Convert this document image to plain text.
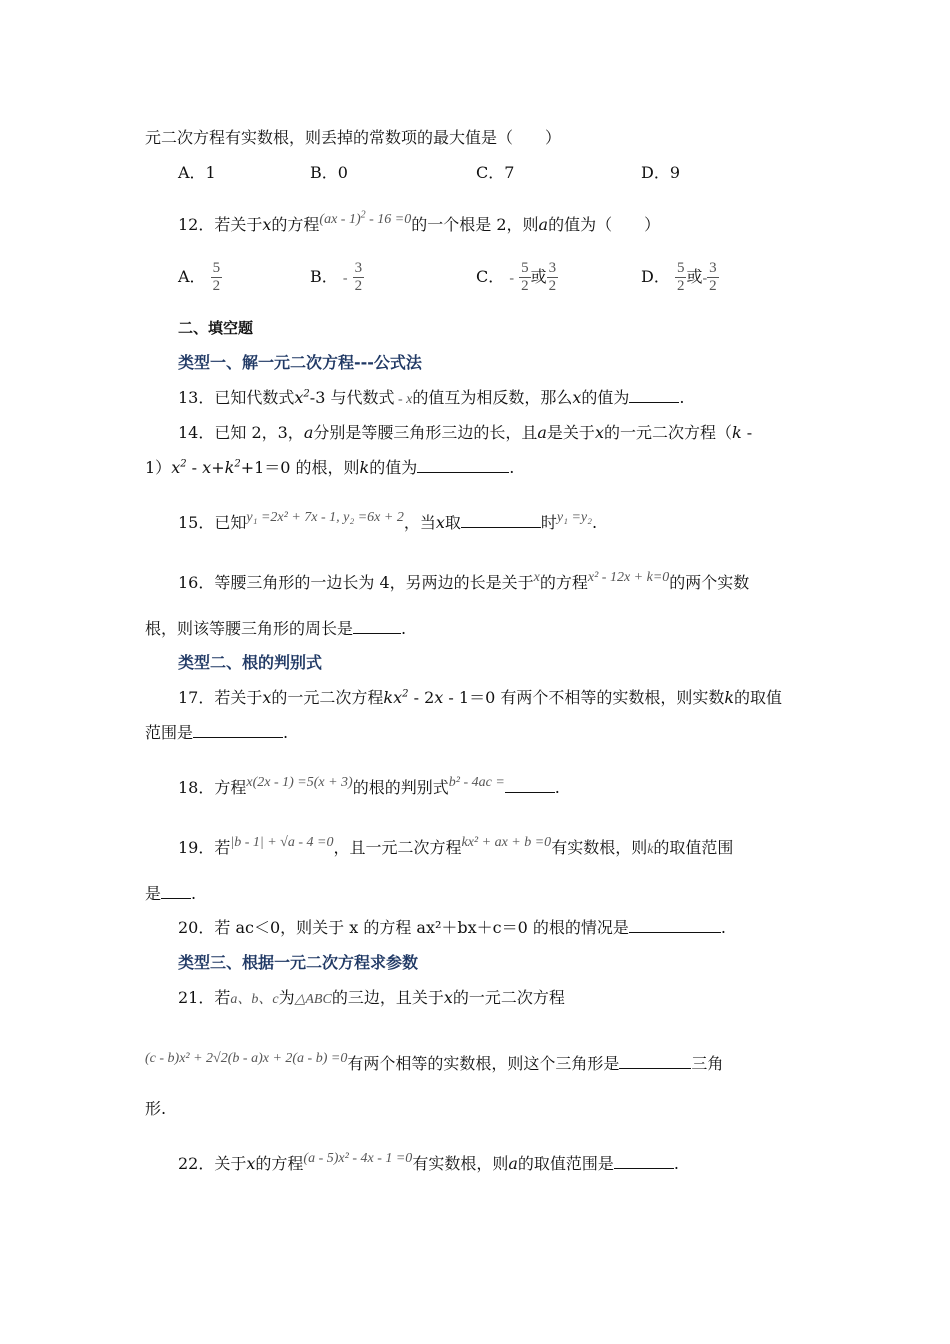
元二次方程有实数根，则丢掉的常数项的最大值是（　　）
A．1	B．0	C．7	D．9
12．若关于x的方程(ax - 1)$^2$ - 16 =0的一个根是 2，则a的值为（　　）
A． $\frac{5}{2}$	B． - $\frac{3}{2}$	C． - $\frac{5}{2}$ 或 $\frac{3}{2}$	D． $\frac{5}{2}$ 或- $\frac{3}{2}$
二、填空题
类型一、解一元二次方程---公式法
13．已知代数式$x^2-3$ 与代数式 - x的值互为相反数，那么x的值为	.
14．已知 2，3，a分别是等腰三角形三边的长，且a是关于x的一元二次方程（k -
$1)x^2 - x+k^2+1=0$ 的根，则k的值为	.
15．已知y₁ =2x² + 7x - 1, y₂ =6x + 2，当x取	时y₁ =y₂.
16．等腰三角形的一边长为 4，另两边的长是关于x的方程x² - 12x + k=0的两个实数
根，则该等腰三角形的周长是	.
类型二、根的判别式
17．若关于x的一元二次方程$kx^2 - 2x - 1=0$ 有两个不相等的实数根，则实数k的取值
范围是	.
18．方程x(2x - 1) =5(x + 3)的根的判别式b² - 4ac =	.
19．若|b - 1| + √a - 4 =0，且一元二次方程kx² + ax + b =0有实数根，则k的取值范围
是 .
20．若 ac＜0，则关于 x 的方程 ax²＋bx＋c＝0 的根的情况是	.
类型三、根据一元二次方程求参数
21．若a、b、c为△ABC的三边，且关于x的一元二次方程
(c - b)x² + 2√2(b - a)x + 2(a - b) =0有两个相等的实数根，则这个三角形是	三角
形.
22．关于x的方程(a - 5)x² - 4x - 1 =0有实数根，则a的取值范围是	.
